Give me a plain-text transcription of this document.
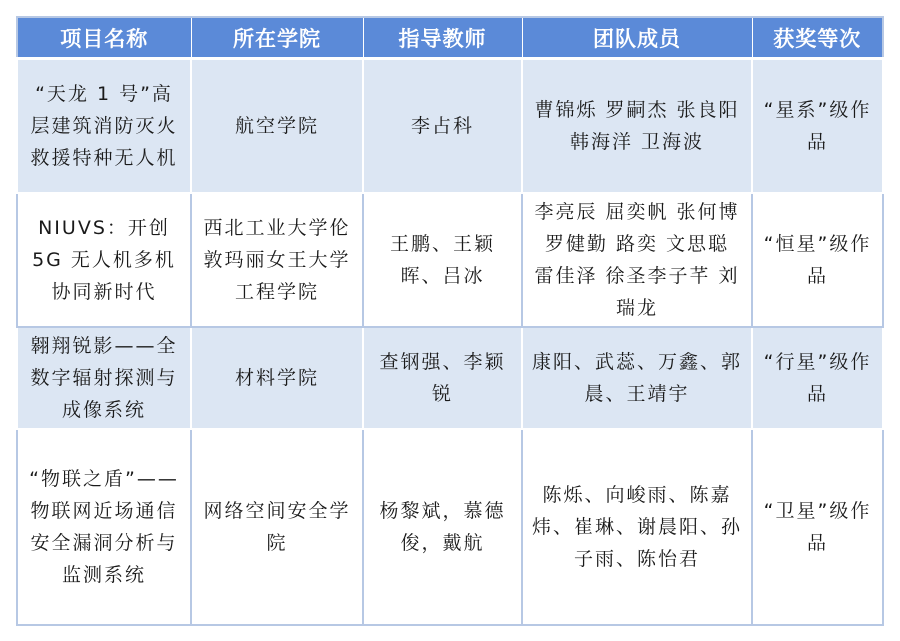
项目名称	所在学院	指导教师	团队成员	获奖等次
“天龙 1 号”高层建筑消防灭火救援特种无人机	航空学院	李占科	曹锦烁 罗嗣杰 张良阳 韩海洋 卫海波	“星系”级作品
NIUVS：开创 5G 无人机多机协同新时代	西北工业大学伦敦玛丽女王大学工程学院	王鹏、王颖晖、吕冰	李亮辰 屈奕帆 张何博 罗健勤 路奕 文思聪 雷佳泽 徐圣李子芊 刘瑞龙	“恒星”级作品
翱翔锐影——全数字辐射探测与成像系统	材料学院	查钢强、李颖锐	康阳、武蕊、万鑫、郭晨、王靖宇	“行星”级作品
“物联之盾”——物联网近场通信安全漏洞分析与监测系统	网络空间安全学院	杨黎斌，慕德俊，戴航	陈烁、向峻雨、陈嘉炜、崔琳、谢晨阳、孙子雨、陈怡君	“卫星”级作品
